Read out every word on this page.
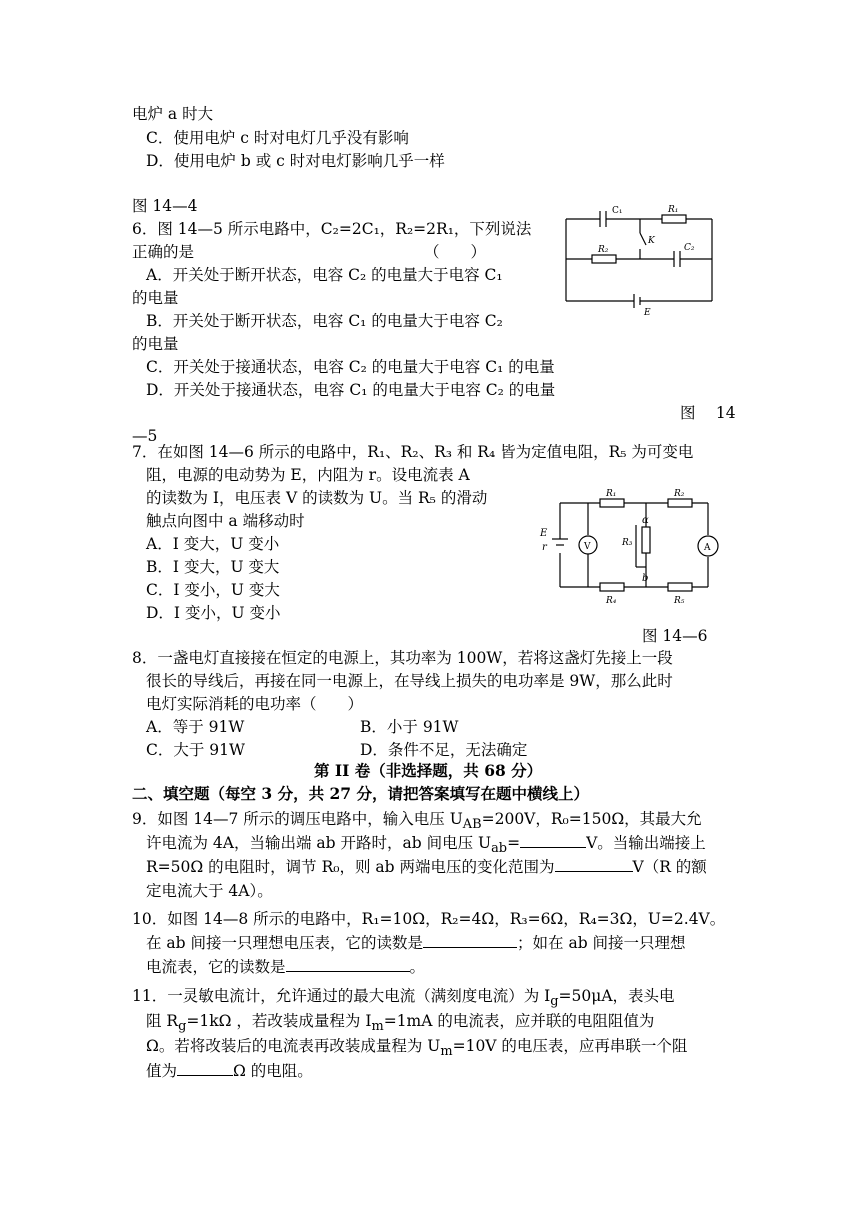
电炉 a 时大
C．使用电炉 c 时对电灯几乎没有影响
D．使用电炉 b 或 c 时对电灯影响几乎一样
图 14—4
6．图 14—5 所示电路中，C₂=2C₁，R₂=2R₁，下列说法
正确的是	（　　）
A．开关处于断开状态，电容 C₂ 的电量大于电容 C₁
的电量
B．开关处于断开状态，电容 C₁ 的电量大于电容 C₂
的电量
C．开关处于接通状态，电容 C₂ 的电量大于电容 C₁ 的电量
D．开关处于接通状态，电容 C₁ 的电量大于电容 C₂ 的电量
图　 14
—5
C₁	R₁
R₂	C₂
K
E
7．在如图 14—6 所示的电路中，R₁、R₂、R₃ 和 R₄ 皆为定值电阻，R₅ 为可变电
阻，电源的电动势为 E，内阻为 r。设电流表 A
的读数为 I，电压表 V 的读数为 U。当 R₅ 的滑动
触点向图中 a 端移动时
A．I 变大，U 变小
B．I 变大，U 变大
C．I 变小，U 变大
D．I 变小，U 变小
图 14—6
E
r	V	A
R₁	R₂
R₃
R₄	R₅
α
b
8．一盏电灯直接接在恒定的电源上，其功率为 100W，若将这盏灯先接上一段
很长的导线后，再接在同一电源上，在导线上损失的电功率是 9W，那么此时
电灯实际消耗的电功率（　　）
A．等于 91W	B．小于 91W
C．大于 91W	D．条件不足，无法确定
第 II 卷（非选择题，共 68 分）
二、填空题（每空 3 分，共 27 分，请把答案填写在题中横线上）
9．如图 14—7 所示的调压电路中，输入电压 $U_{AB}=200V$，R₀=150Ω，其最大允
许电流为 4A，当输出端 ab 开路时，ab 间电压 $U_{ab}=$	V。当输出端接上
R=50Ω 的电阻时，调节 R₀，则 ab 两端电压的变化范围为	V（R 的额
定电流大于 4A）。
10．如图 14—8 所示的电路中，R₁=10Ω，R₂=4Ω，R₃=6Ω，R₄=3Ω，U=2.4V。
在 ab 间接一只理想电压表，它的读数是	；如在 ab 间接一只理想
电流表，它的读数是	。
11．一灵敏电流计，允许通过的最大电流（满刻度电流）为 $I_g=50\mu A$，表头电
阻 $R_g=1k\Omega$ ，若改装成量程为 $I_m=1mA$ 的电流表，应并联的电阻阻值为
Ω。若将改装后的电流表再改装成量程为 $U_m=10V$ 的电压表，应再串联一个阻
值为	Ω 的电阻。
